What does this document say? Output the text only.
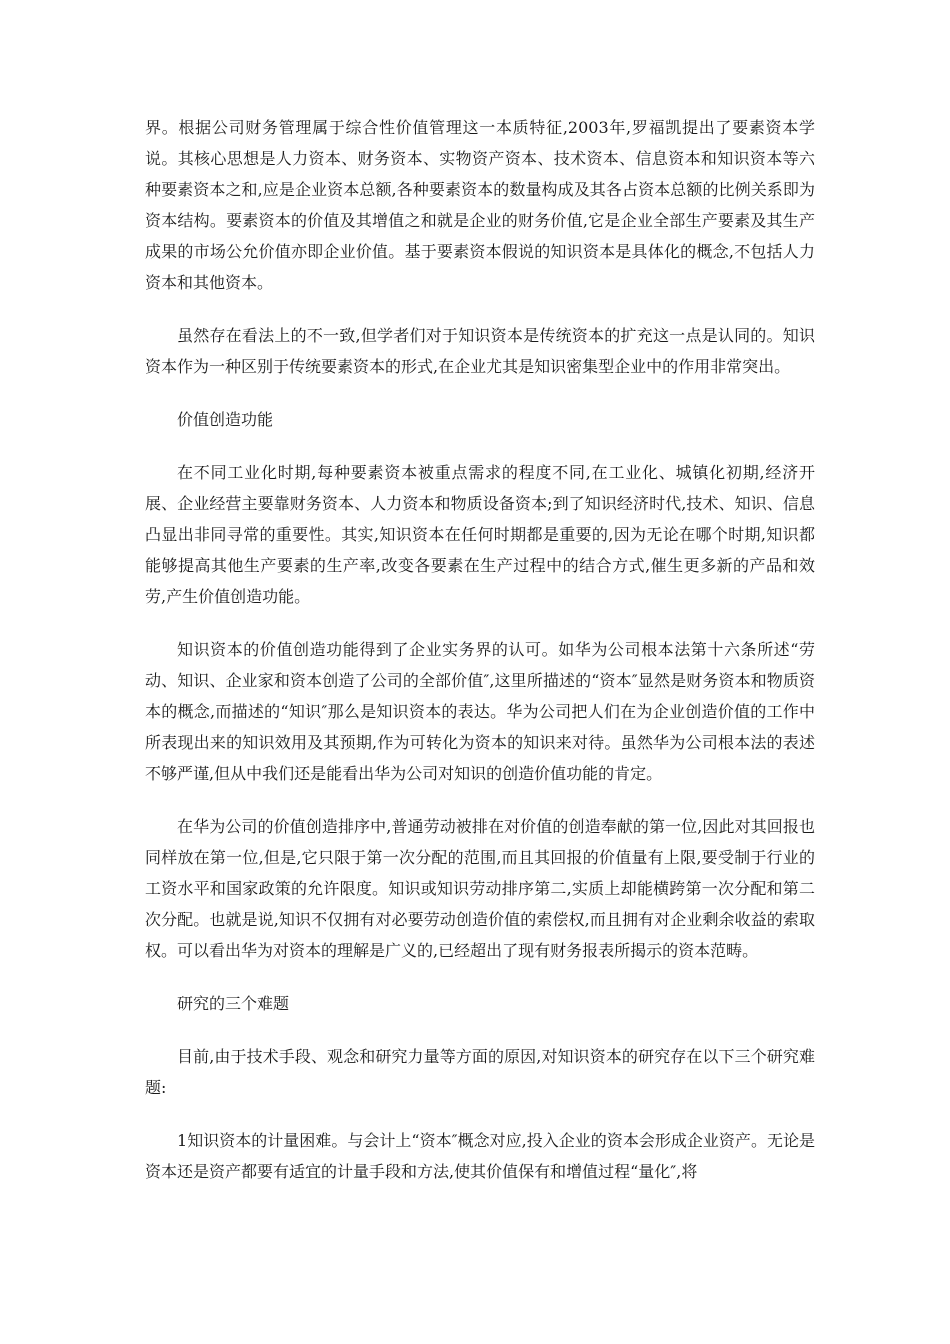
界。根据公司财务管理属于综合性价值管理这一本质特征,2003年,罗福凯提出了要素资本学说。其核心思想是人力资本、财务资本、实物资产资本、技术资本、信息资本和知识资本等六种要素资本之和,应是企业资本总额,各种要素资本的数量构成及其各占资本总额的比例关系即为资本结构。要素资本的价值及其增值之和就是企业的财务价值,它是企业全部生产要素及其生产成果的市场公允价值亦即企业价值。基于要素资本假说的知识资本是具体化的概念,不包括人力资本和其他资本。

虽然存在看法上的不一致,但学者们对于知识资本是传统资本的扩充这一点是认同的。知识资本作为一种区别于传统要素资本的形式,在企业尤其是知识密集型企业中的作用非常突出。

价值创造功能

在不同工业化时期,每种要素资本被重点需求的程度不同,在工业化、城镇化初期,经济开展、企业经营主要靠财务资本、人力资本和物质设备资本;到了知识经济时代,技术、知识、信息凸显出非同寻常的重要性。其实,知识资本在任何时期都是重要的,因为无论在哪个时期,知识都能够提高其他生产要素的生产率,改变各要素在生产过程中的结合方式,催生更多新的产品和效劳,产生价值创造功能。

知识资本的价值创造功能得到了企业实务界的认可。如华为公司根本法第十六条所述“劳动、知识、企业家和资本创造了公司的全部价值″,这里所描述的“资本″显然是财务资本和物质资本的概念,而描述的“知识″那么是知识资本的表达。华为公司把人们在为企业创造价值的工作中所表现出来的知识效用及其预期,作为可转化为资本的知识来对待。虽然华为公司根本法的表述不够严谨,但从中我们还是能看出华为公司对知识的创造价值功能的肯定。

在华为公司的价值创造排序中,普通劳动被排在对价值的创造奉献的第一位,因此对其回报也同样放在第一位,但是,它只限于第一次分配的范围,而且其回报的价值量有上限,要受制于行业的工资水平和国家政策的允许限度。知识或知识劳动排序第二,实质上却能横跨第一次分配和第二次分配。也就是说,知识不仅拥有对必要劳动创造价值的索偿权,而且拥有对企业剩余收益的索取权。可以看出华为对资本的理解是广义的,已经超出了现有财务报表所揭示的资本范畴。

研究的三个难题

目前,由于技术手段、观念和研究力量等方面的原因,对知识资本的研究存在以下三个研究难题:

1知识资本的计量困难。与会计上“资本″概念对应,投入企业的资本会形成企业资产。无论是资本还是资产都要有适宜的计量手段和方法,使其价值保有和增值过程“量化″,将
